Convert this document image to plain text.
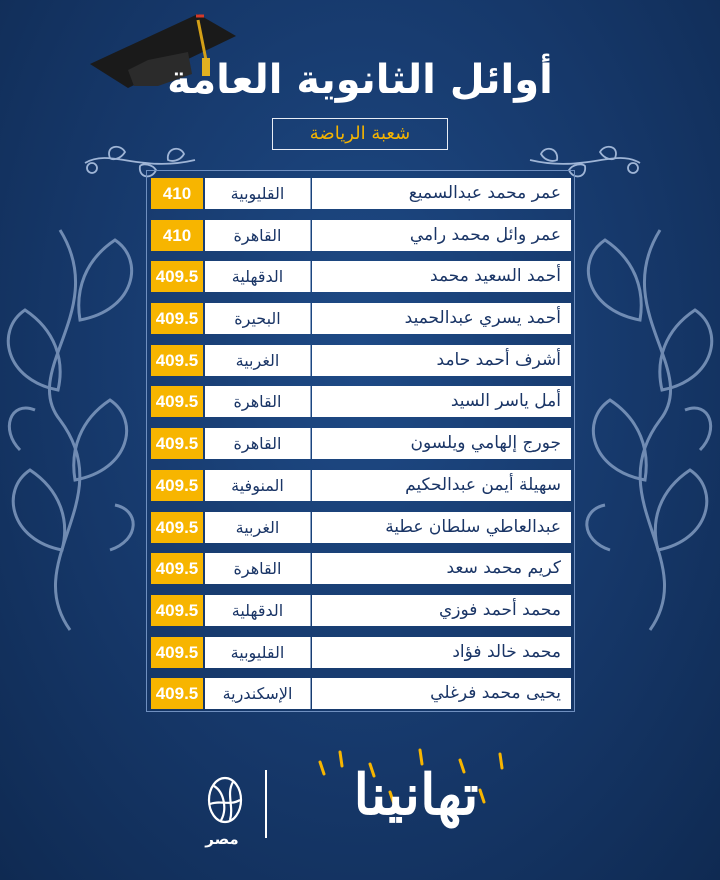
أوائل الثانوية العامة
شعبة الرياضة
410	القليوبية	عمر محمد عبدالسميع
410	القاهرة	عمر وائل محمد رامي
409.5	الدقهلية	أحمد السعيد محمد
409.5	البحيرة	أحمد يسري عبدالحميد
409.5	الغربية	أشرف أحمد حامد
409.5	القاهرة	أمل ياسر السيد
409.5	القاهرة	جورج إلهامي ويلسون
409.5	المنوفية	سهيلة أيمن عبدالحكيم
409.5	الغربية	عبدالعاطي سلطان عطية
409.5	القاهرة	كريم محمد سعد
409.5	الدقهلية	محمد أحمد فوزي
409.5	القليوبية	محمد خالد فؤاد
409.5	الإسكندرية	يحيى محمد فرغلي
تهانينا
مصر
